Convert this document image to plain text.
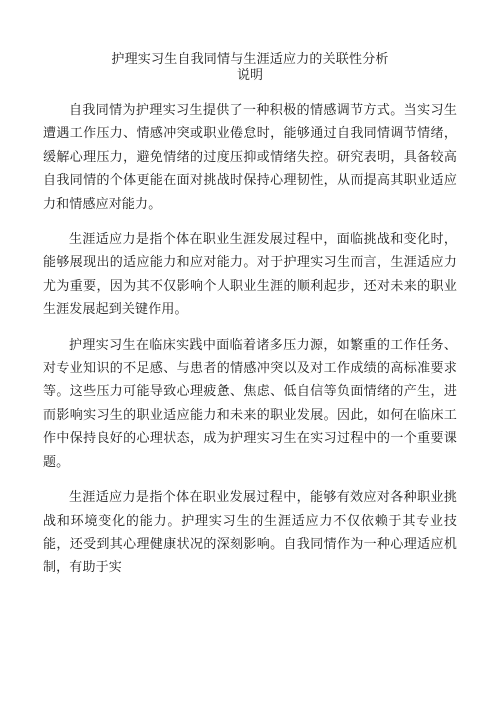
护理实习生自我同情与生涯适应力的关联性分析
说明

自我同情为护理实习生提供了一种积极的情感调节方式。当实习生遭遇工作压力、情感冲突或职业倦怠时，能够通过自我同情调节情绪，缓解心理压力，避免情绪的过度压抑或情绪失控。研究表明，具备较高自我同情的个体更能在面对挑战时保持心理韧性，从而提高其职业适应力和情感应对能力。

生涯适应力是指个体在职业生涯发展过程中，面临挑战和变化时，能够展现出的适应能力和应对能力。对于护理实习生而言，生涯适应力尤为重要，因为其不仅影响个人职业生涯的顺利起步，还对未来的职业生涯发展起到关键作用。

护理实习生在临床实践中面临着诸多压力源，如繁重的工作任务、对专业知识的不足感、与患者的情感冲突以及对工作成绩的高标准要求等。这些压力可能导致心理疲惫、焦虑、低自信等负面情绪的产生，进而影响实习生的职业适应能力和未来的职业发展。因此，如何在临床工作中保持良好的心理状态，成为护理实习生在实习过程中的一个重要课题。

生涯适应力是指个体在职业发展过程中，能够有效应对各种职业挑战和环境变化的能力。护理实习生的生涯适应力不仅依赖于其专业技能，还受到其心理健康状况的深刻影响。自我同情作为一种心理适应机制，有助于实
